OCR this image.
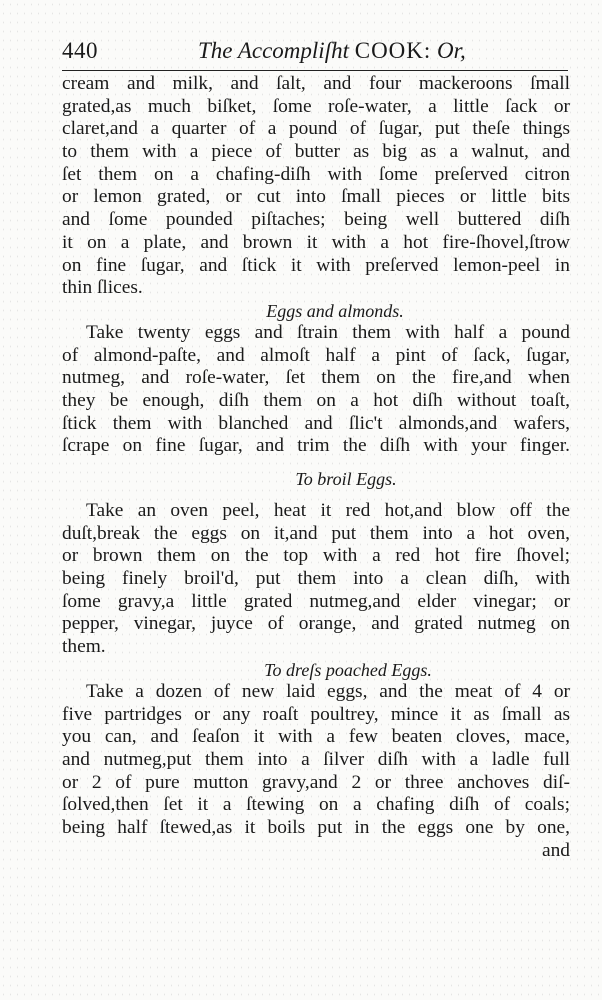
440	The Accompliſht COOK: Or,
cream and milk, and ſalt, and four mackeroons ſmall
grated,as much biſket, ſome roſe-water, a little ſack or
claret,and a quarter of a pound of ſugar, put theſe things
to them with a piece of butter as big as a walnut, and
ſet them on a chafing-diſh with ſome preſerved citron
or lemon grated, or cut into ſmall pieces or little bits
and ſome pounded piſtaches; being well buttered diſh
it on a plate, and brown it with a hot fire-ſhovel,ſtrow
on fine ſugar, and ſtick it with preſerved lemon-peel in
thin ſlices.
Eggs and almonds.
Take twenty eggs and ſtrain them with half a pound
of almond-paſte, and almoſt half a pint of ſack, ſugar,
nutmeg, and roſe-water, ſet them on the fire,and when
they be enough, diſh them on a hot diſh without toaſt,
ſtick them with blanched and ſlic't almonds,and wafers,
ſcrape on fine ſugar, and trim the diſh with your finger.
To broil Eggs.
Take an oven peel, heat it red hot,and blow off the
duſt,break the eggs on it,and put them into a hot oven,
or brown them on the top with a red hot fire ſhovel;
being finely broil'd, put them into a clean diſh, with
ſome gravy,a little grated nutmeg,and elder vinegar; or
pepper, vinegar, juyce of orange, and grated nutmeg on
them.
To dreſs poached Eggs.
Take a dozen of new laid eggs, and the meat of 4 or
five partridges or any roaſt poultrey, mince it as ſmall as
you can, and ſeaſon it with a few beaten cloves, mace,
and nutmeg,put them into a ſilver diſh with a ladle full
or 2 of pure mutton gravy,and 2 or three anchoves diſ-
ſolved,then ſet it a ſtewing on a chafing diſh of coals;
being half ſtewed,as it boils put in the eggs one by one,
and
